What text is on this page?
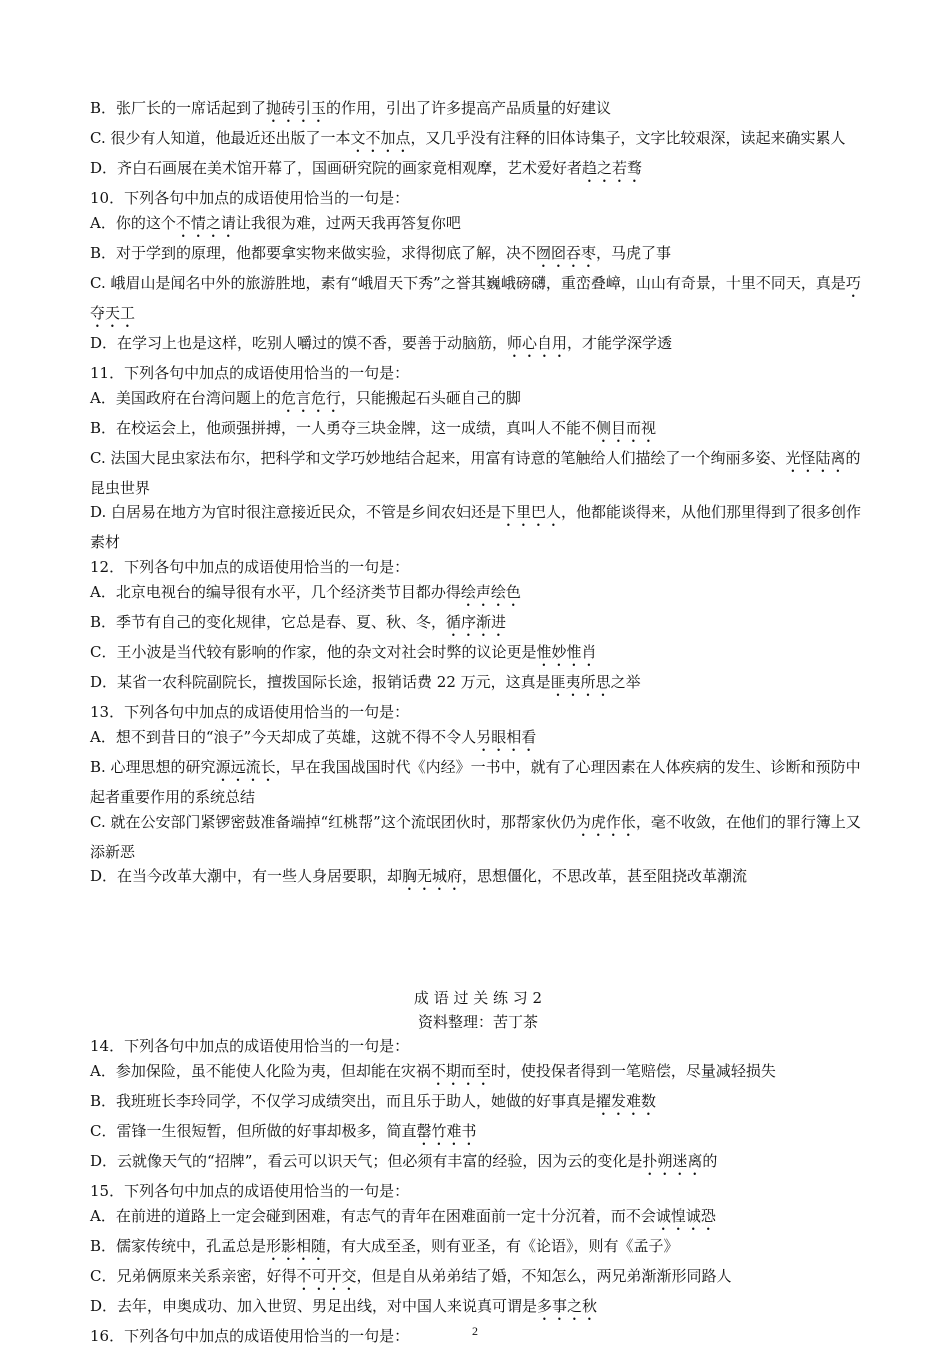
B．张厂长的一席话起到了抛砖引玉的作用，引出了许多提高产品质量的好建议
C. 很少有人知道，他最近还出版了一本文不加点，又几乎没有注释的旧体诗集子，文字比较艰深，读起来确实累人
D．齐白石画展在美术馆开幕了，国画研究院的画家竟相观摩，艺术爱好者趋之若骛
10．下列各句中加点的成语使用恰当的一句是：
A．你的这个不情之请让我很为难，过两天我再答复你吧
B．对于学到的原理，他都要拿实物来做实验，求得彻底了解，决不囫囵吞枣，马虎了事
C. 峨眉山是闻名中外的旅游胜地，素有“峨眉天下秀”之誉其巍峨磅礴，重峦叠嶂，山山有奇景，十里不同天，真是巧夺天工
D．在学习上也是这样，吃别人嚼过的馍不香，要善于动脑筋，师心自用，才能学深学透
11．下列各句中加点的成语使用恰当的一句是：
A．美国政府在台湾问题上的危言危行，只能搬起石头砸自己的脚
B．在校运会上，他顽强拼搏，一人勇夺三块金牌，这一成绩，真叫人不能不侧目而视
C. 法国大昆虫家法布尔，把科学和文学巧妙地结合起来，用富有诗意的笔触给人们描绘了一个绚丽多姿、光怪陆离的昆虫世界
D. 白居易在地方为官时很注意接近民众，不管是乡间农妇还是下里巴人，他都能谈得来，从他们那里得到了很多创作素材
12．下列各句中加点的成语使用恰当的一句是：
A．北京电视台的编导很有水平，几个经济类节目都办得绘声绘色
B．季节有自己的变化规律，它总是春、夏、秋、冬，循序渐进
C．王小波是当代较有影响的作家，他的杂文对社会时弊的议论更是惟妙惟肖
D．某省一农科院副院长，擅拨国际长途，报销话费 22 万元，这真是匪夷所思之举
13．下列各句中加点的成语使用恰当的一句是：
A．想不到昔日的“浪子”今天却成了英雄，这就不得不令人另眼相看
B. 心理思想的研究源远流长，早在我国战国时代《内经》一书中，就有了心理因素在人体疾病的发生、诊断和预防中起者重要作用的系统总结
C. 就在公安部门紧锣密鼓准备端掉“红桃帮”这个流氓团伙时，那帮家伙仍为虎作伥，毫不收敛，在他们的罪行簿上又添新恶
D．在当今改革大潮中，有一些人身居要职，却胸无城府，思想僵化，不思改革，甚至阻挠改革潮流
成 语 过 关 练 习 2
资料整理：苦丁茶
14．下列各句中加点的成语使用恰当的一句是：
A．参加保险，虽不能使人化险为夷，但却能在灾祸不期而至时，使投保者得到一笔赔偿，尽量减轻损失
B．我班班长李玲同学，不仅学习成绩突出，而且乐于助人，她做的好事真是擢发难数
C．雷锋一生很短暂，但所做的好事却极多，简直罄竹难书
D．云就像天气的“招牌”，看云可以识天气；但必须有丰富的经验，因为云的变化是扑朔迷离的
15．下列各句中加点的成语使用恰当的一句是：
A．在前进的道路上一定会碰到困难，有志气的青年在困难面前一定十分沉着，而不会诚惶诚恐
B．儒家传统中，孔孟总是形影相随，有大成至圣，则有亚圣，有《论语》，则有《孟子》
C．兄弟俩原来关系亲密，好得不可开交，但是自从弟弟结了婚，不知怎么，两兄弟渐渐形同路人
D．去年，申奥成功、加入世贸、男足出线，对中国人来说真可谓是多事之秋
16．下列各句中加点的成语使用恰当的一句是：	2
